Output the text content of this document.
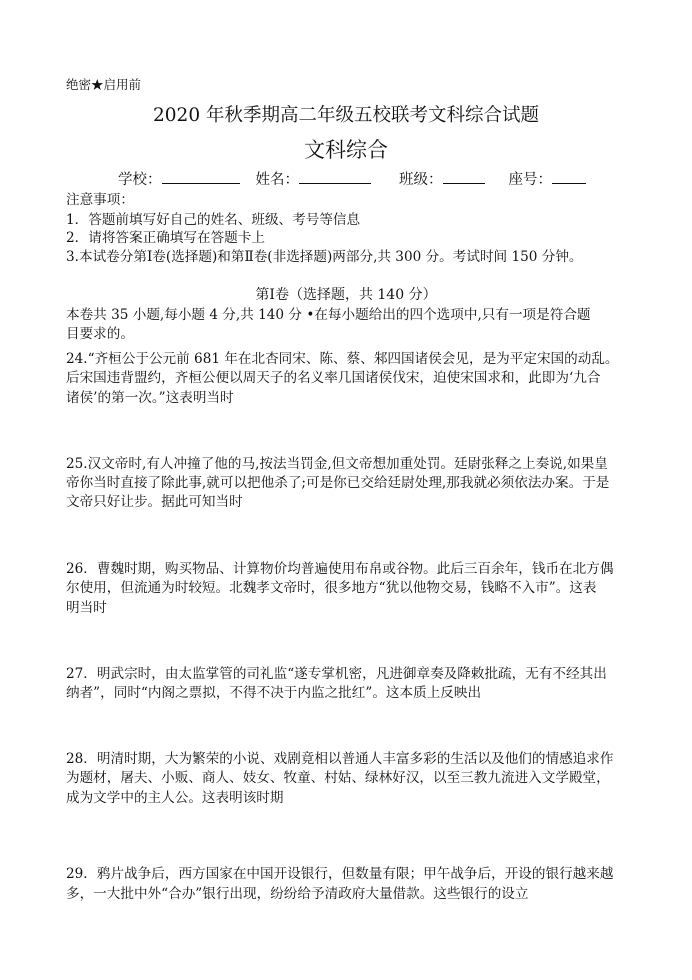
绝密★启用前
2020 年秋季期高二年级五校联考文科综合试题
文科综合
学校：	姓名：	班级：	座号：
注意事项：
1．答题前填写好自己的姓名、班级、考号等信息
2．请将答案正确填写在答题卡上
3.本试卷分第Ⅰ卷(选择题)和第Ⅱ卷(非选择题)两部分,共 300 分。考试时间 150 分钟。
第Ⅰ卷（选择题，共 140 分）
本卷共 35 小题,每小题 4 分,共 140 分 •在每小题给出的四个选项中,只有一项是符合题
目要求的。
24.“齐桓公于公元前 681 年在北杏同宋、陈、蔡、邾四国诸侯会见，是为平定宋国的动乱。
后宋国违背盟约，齐桓公便以周天子的名义率几国诸侯伐宋，迫使宋国求和，此即为‘九合
诸侯’的第一次。”这表明当时
25.汉文帝时,有人冲撞了他的马,按法当罚金,但文帝想加重处罚。廷尉张释之上奏说,如果皇
帝你当时直接了除此事,就可以把他杀了;可是你已交给廷尉处理,那我就必须依法办案。于是
文帝只好让步。据此可知当时
26．曹魏时期，购买物品、计算物价均普遍使用布帛或谷物。此后三百余年，钱币在北方偶
尔使用，但流通为时较短。北魏孝文帝时，很多地方“犹以他物交易，钱略不入市”。这表
明当时
27．明武宗时，由太监掌管的司礼监“遂专掌机密，凡进御章奏及降敕批疏，无有不经其出
纳者”，同时“内阁之票拟，不得不决于内监之批红”。这本质上反映出
28．明清时期，大为繁荣的小说、戏剧竟相以普通人丰富多彩的生活以及他们的情感追求作
为题材，屠夫、小贩、商人、妓女、牧童、村姑、绿林好汉，以至三教九流进入文学殿堂，
成为文学中的主人公。这表明该时期
29．鸦片战争后，西方国家在中国开设银行，但数量有限；甲午战争后，开设的银行越来越
多，一大批中外“合办”银行出现，纷纷给予清政府大量借款。这些银行的设立
